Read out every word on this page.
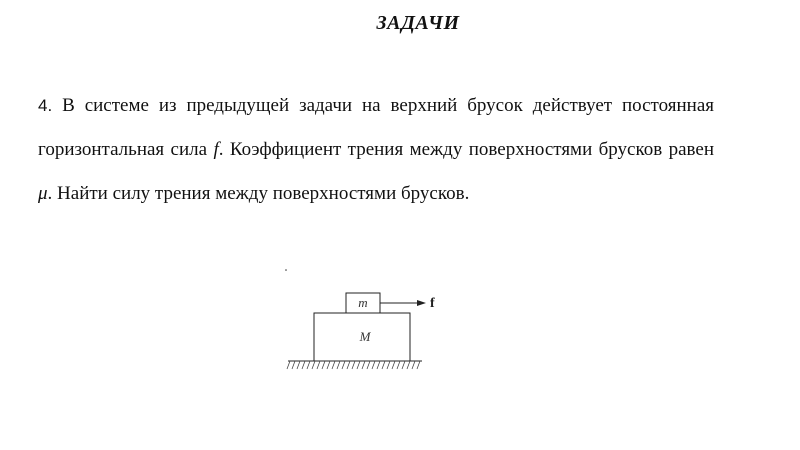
ЗАДАЧИ
4. В системе из предыдущей задачи на верхний брусок действует постоянная горизонтальная сила f. Коэффициент трения между поверхностями брусков равен μ. Найти силу трения между поверхностями брусков.
m	f
M
